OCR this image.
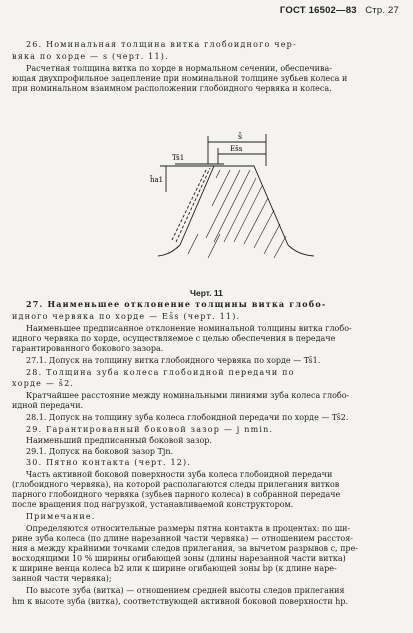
ГОСТ 16502—83 Стр. 27
26. Номинальная толщина витка глобоидного чер-
вяка по хорде — s (черт. 11).
Расчетная толщина витка по хорде в нормальном сечении, обеспечива-
ющая двухпрофильное зацепление при номинальной толщине зубьев колеса и
при номинальном взаимном расположении глобоидного червяка и колеса.
s̄
Es̄s
Ts̄1
h̄a1
Черт. 11
27. Наименьшее отклонение толщины витка глобо-
идного червяка по хорде — Es̄s (черт. 11).
Наименьшее предписанное отклонение номинальной толщины витка глобо-
идного червяка по хорде, осуществляемое с целью обеспечения в передаче
гарантированного бокового зазора.
27.1. Допуск на толщину витка глобоидного червяка по хорде — Ts̄1.
28. Толщина зуба колеса глобоидной передачи по
хорде — s̄2.
Кратчайшее расстояние между номинальными линиями зуба колеса глобо-
идной передачи.
28.1. Допуск на толщину зуба колеса глобоидной передачи по хорде — Ts̄2.
29. Гарантированный боковой зазор — j nmin.
Наименьший предписанный боковой зазор.
29.1. Допуск на боковой зазор Tjn.
30. Пятно контакта (черт. 12).
Часть активной боковой поверхности зуба колеса глобоидной передачи
(глобоидного червяка), на которой располагаются следы прилегания витков
парного глобоидного червяка (зубьев парного колеса) в собранной передаче
после вращения под нагрузкой, устанавливаемой конструктором.
Примечание.
Определяются относительные размеры пятна контакта в процентах: по ши-
рине зуба колеса (по длине нарезанной части червяка) — отношением расстоя-
ния a между крайними точками следов прилегания, за вычетом разрывов c, пре-
восходящими 10 % ширины огибающей зоны (длины нарезанной части витка)
к ширине венца колеса b2 или к ширине огибающей зоны bp (к длине наре-
занной части червяка);
По высоте зуба (витка) — отношением средней высоты следов прилегания
hm к высоте зуба (витка), соответствующей активной боковой поверхности hp.
